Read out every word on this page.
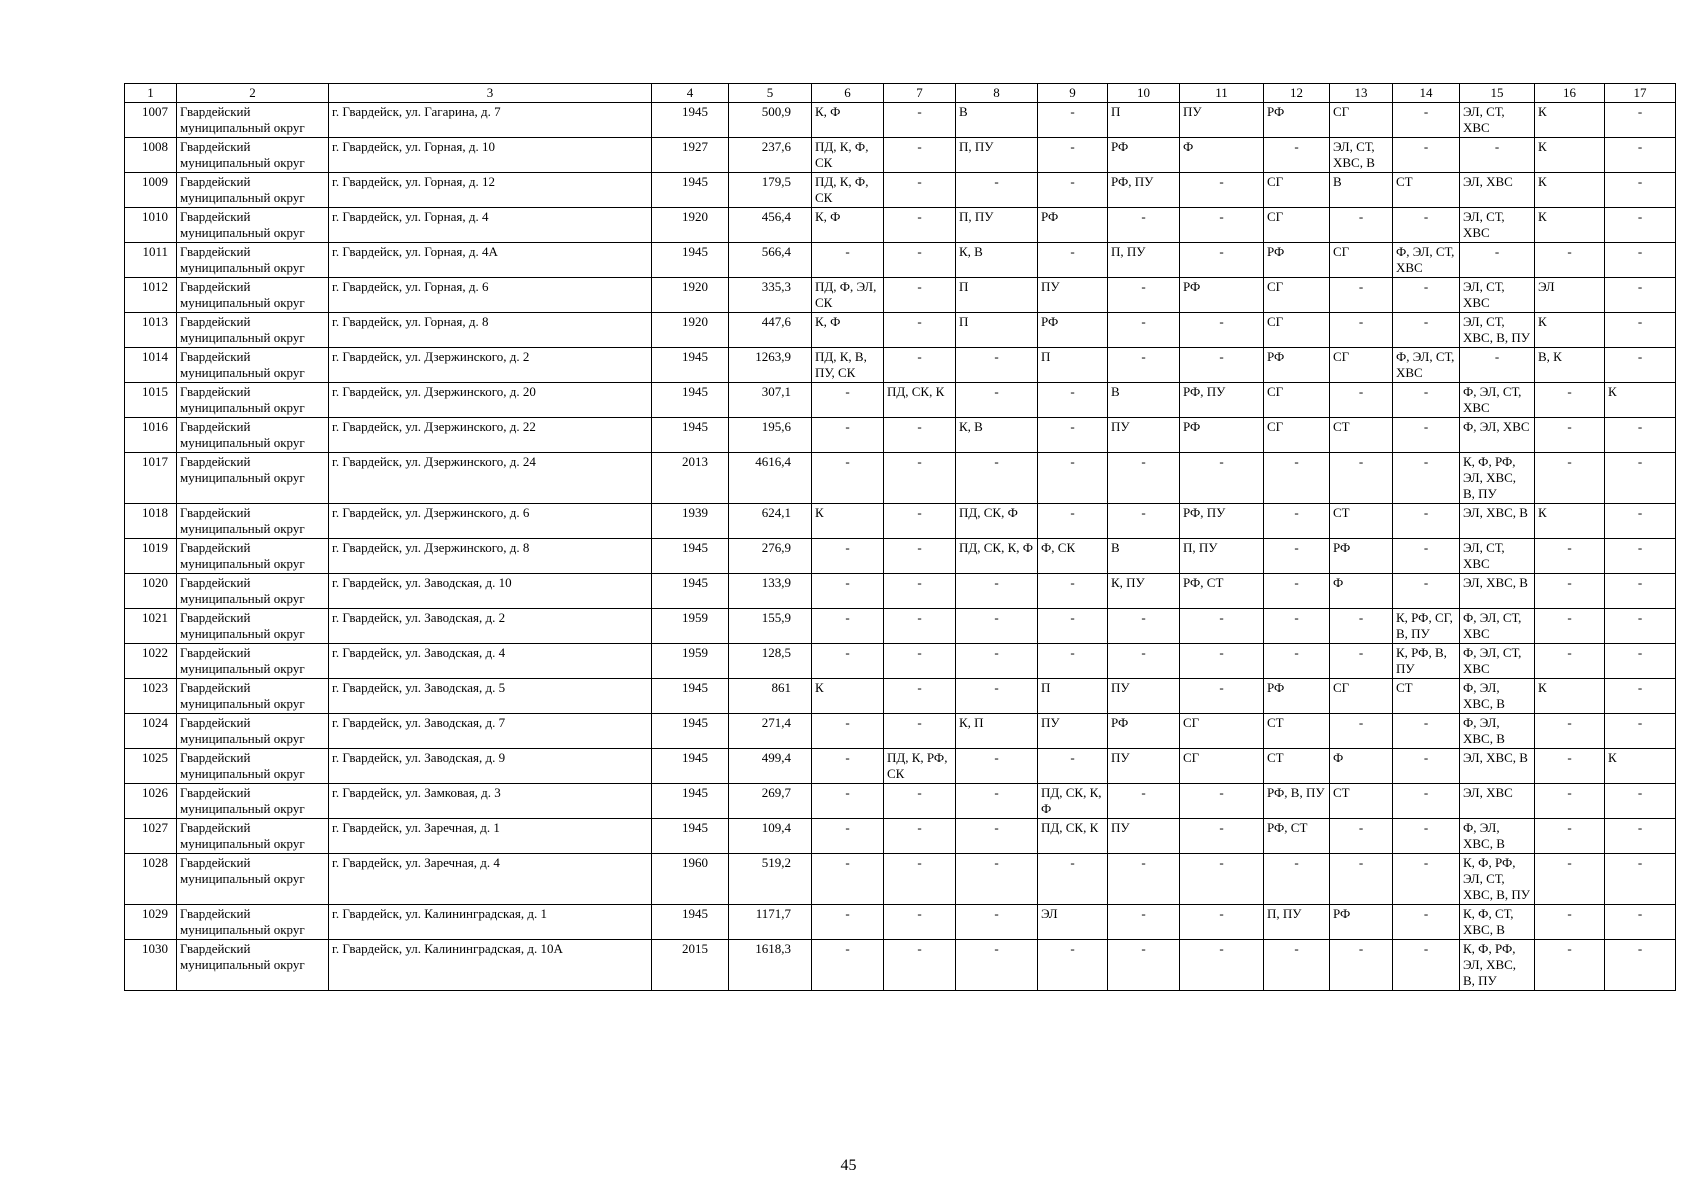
1	2	3	4	5	6	7	8	9	10	11	12	13	14	15	16	17
1007	Гвардейский муниципальный округ	г. Гвардейск, ул. Гагарина, д. 7	1945	500,9	К, Ф	-	В	-	П	ПУ	РФ	СГ	-	ЭЛ, СТ, ХВС	К	-
1008	Гвардейский муниципальный округ	г. Гвардейск, ул. Горная, д. 10	1927	237,6	ПД, К, Ф, СК	-	П, ПУ	-	РФ	Ф	-	ЭЛ, СТ, ХВС, В	-	-	К	-
1009	Гвардейский муниципальный округ	г. Гвардейск, ул. Горная, д. 12	1945	179,5	ПД, К, Ф, СК	-	-	-	РФ, ПУ	-	СГ	В	СТ	ЭЛ, ХВС	К	-
1010	Гвардейский муниципальный округ	г. Гвардейск, ул. Горная, д. 4	1920	456,4	К, Ф	-	П, ПУ	РФ	-	-	СГ	-	-	ЭЛ, СТ, ХВС	К	-
1011	Гвардейский муниципальный округ	г. Гвардейск, ул. Горная, д. 4А	1945	566,4	-	-	К, В	-	П, ПУ	-	РФ	СГ	Ф, ЭЛ, СТ, ХВС	-	-	-
1012	Гвардейский муниципальный округ	г. Гвардейск, ул. Горная, д. 6	1920	335,3	ПД, Ф, ЭЛ, СК	-	П	ПУ	-	РФ	СГ	-	-	ЭЛ, СТ, ХВС	ЭЛ	-
1013	Гвардейский муниципальный округ	г. Гвардейск, ул. Горная, д. 8	1920	447,6	К, Ф	-	П	РФ	-	-	СГ	-	-	ЭЛ, СТ, ХВС, В, ПУ	К	-
1014	Гвардейский муниципальный округ	г. Гвардейск, ул. Дзержинского, д. 2	1945	1263,9	ПД, К, В, ПУ, СК	-	-	П	-	-	РФ	СГ	Ф, ЭЛ, СТ, ХВС	-	В, К	-
1015	Гвардейский муниципальный округ	г. Гвардейск, ул. Дзержинского, д. 20	1945	307,1	-	ПД, СК, К	-	-	В	РФ, ПУ	СГ	-	-	Ф, ЭЛ, СТ, ХВС	-	К
1016	Гвардейский муниципальный округ	г. Гвардейск, ул. Дзержинского, д. 22	1945	195,6	-	-	К, В	-	ПУ	РФ	СГ	СТ	-	Ф, ЭЛ, ХВС	-	-
1017	Гвардейский муниципальный округ	г. Гвардейск, ул. Дзержинского, д. 24	2013	4616,4	-	-	-	-	-	-	-	-	-	К, Ф, РФ, ЭЛ, ХВС, В, ПУ	-	-
1018	Гвардейский муниципальный округ	г. Гвардейск, ул. Дзержинского, д. 6	1939	624,1	К	-	ПД, СК, Ф	-	-	РФ, ПУ	-	СТ	-	ЭЛ, ХВС, В	К	-
1019	Гвардейский муниципальный округ	г. Гвардейск, ул. Дзержинского, д. 8	1945	276,9	-	-	ПД, СК, К, Ф	Ф, СК	В	П, ПУ	-	РФ	-	ЭЛ, СТ, ХВС	-	-
1020	Гвардейский муниципальный округ	г. Гвардейск, ул. Заводская, д. 10	1945	133,9	-	-	-	-	К, ПУ	РФ, СТ	-	Ф	-	ЭЛ, ХВС, В	-	-
1021	Гвардейский муниципальный округ	г. Гвардейск, ул. Заводская, д. 2	1959	155,9	-	-	-	-	-	-	-	-	К, РФ, СГ, В, ПУ	Ф, ЭЛ, СТ, ХВС	-	-
1022	Гвардейский муниципальный округ	г. Гвардейск, ул. Заводская, д. 4	1959	128,5	-	-	-	-	-	-	-	-	К, РФ, В, ПУ	Ф, ЭЛ, СТ, ХВС	-	-
1023	Гвардейский муниципальный округ	г. Гвардейск, ул. Заводская, д. 5	1945	861	К	-	-	П	ПУ	-	РФ	СГ	СТ	Ф, ЭЛ, ХВС, В	К	-
1024	Гвардейский муниципальный округ	г. Гвардейск, ул. Заводская, д. 7	1945	271,4	-	-	К, П	ПУ	РФ	СГ	СТ	-	-	Ф, ЭЛ, ХВС, В	-	-
1025	Гвардейский муниципальный округ	г. Гвардейск, ул. Заводская, д. 9	1945	499,4	-	ПД, К, РФ, СК	-	-	ПУ	СГ	СТ	Ф	-	ЭЛ, ХВС, В	-	К
1026	Гвардейский муниципальный округ	г. Гвардейск, ул. Замковая, д. 3	1945	269,7	-	-	-	ПД, СК, К, Ф	-	-	РФ, В, ПУ	СТ	-	ЭЛ, ХВС	-	-
1027	Гвардейский муниципальный округ	г. Гвардейск, ул. Заречная, д. 1	1945	109,4	-	-	-	ПД, СК, К	ПУ	-	РФ, СТ	-	-	Ф, ЭЛ, ХВС, В	-	-
1028	Гвардейский муниципальный округ	г. Гвардейск, ул. Заречная, д. 4	1960	519,2	-	-	-	-	-	-	-	-	-	К, Ф, РФ, ЭЛ, СТ, ХВС, В, ПУ	-	-
1029	Гвардейский муниципальный округ	г. Гвардейск, ул. Калининградская, д. 1	1945	1171,7	-	-	-	ЭЛ	-	-	П, ПУ	РФ	-	К, Ф, СТ, ХВС, В	-	-
1030	Гвардейский муниципальный округ	г. Гвардейск, ул. Калининградская, д. 10А	2015	1618,3	-	-	-	-	-	-	-	-	-	К, Ф, РФ, ЭЛ, ХВС, В, ПУ	-	-
45
